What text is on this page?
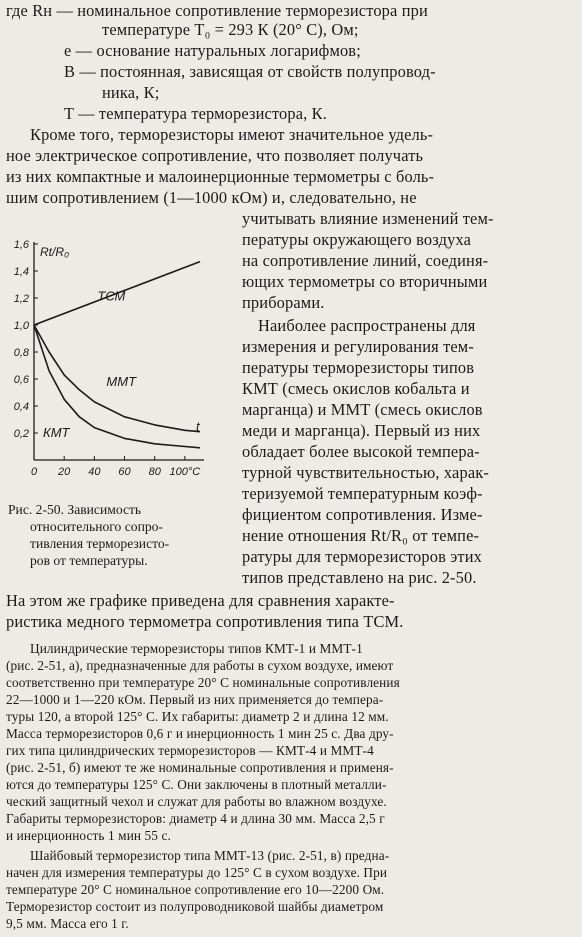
где Rн — номинальное сопротивление терморезистора при
температуре T₀ = 293 К (20° С), Ом;
e — основание натуральных логарифмов;
B — постоянная, зависящая от свойств полупровод-
ника, К;
T — температура терморезистора, К.
Кроме того, терморезисторы имеют значительное удель-
ное электрическое сопротивление, что позволяет получать
из них компактные и малоинерционные термометры с боль-
шим сопротивлением (1—1000 кОм) и, следовательно, не
учитывать влияние изменений тем-
пературы окружающего воздуха
на сопротивление линий, соединя-
ющих термометры со вторичными
приборами.
Наиболее распространены для
измерения и регулирования тем-
пературы терморезисторы типов
КМТ (смесь окислов кобальта и
марганца) и ММТ (смесь окислов
меди и марганца). Первый из них
обладает более высокой темпера-
турной чувствительностью, харак-
теризуемой температурным коэф-
фициентом сопротивления. Изме-
нение отношения Rt/R₀ от темпе-
ратуры для терморезисторов этих
типов представлено на рис. 2-50.
0,2
0,4
0,6
0,8
1,0
1,2
1,4
1,6
0 20 40 60 80 100°C
ТСМ
ММТ
КМТ
Rt/R₀
t
Рис. 2-50. Зависимость
относительного сопро-
тивления терморезисто-
ров от температуры.
На этом же графике приведена для сравнения характе-
ристика медного термометра сопротивления типа ТСМ.
Цилиндрические терморезисторы типов КМТ-1 и ММТ-1
(рис. 2-51, а), предназначенные для работы в сухом воздухе, имеют
соответственно при температуре 20° С номинальные сопротивления
22—1000 и 1—220 кОм. Первый из них применяется до темпера-
туры 120, а второй 125° С. Их габариты: диаметр 2 и длина 12 мм.
Масса терморезисторов 0,6 г и инерционность 1 мин 25 с. Два дру-
гих типа цилиндрических терморезисторов — КМТ-4 и ММТ-4
(рис. 2-51, б) имеют те же номинальные сопротивления и применя-
ются до температуры 125° С. Они заключены в плотный металли-
ческий защитный чехол и служат для работы во влажном воздухе.
Габариты терморезисторов: диаметр 4 и длина 30 мм. Масса 2,5 г
и инерционность 1 мин 55 с.
Шайбовый терморезистор типа ММТ-13 (рис. 2-51, в) предна-
начен для измерения температуры до 125° С в сухом воздухе. При
температуре 20° С номинальное сопротивление его 10—2200 Ом.
Терморезистор состоит из полупроводниковой шайбы диаметром
9,5 мм. Масса его 1 г.
